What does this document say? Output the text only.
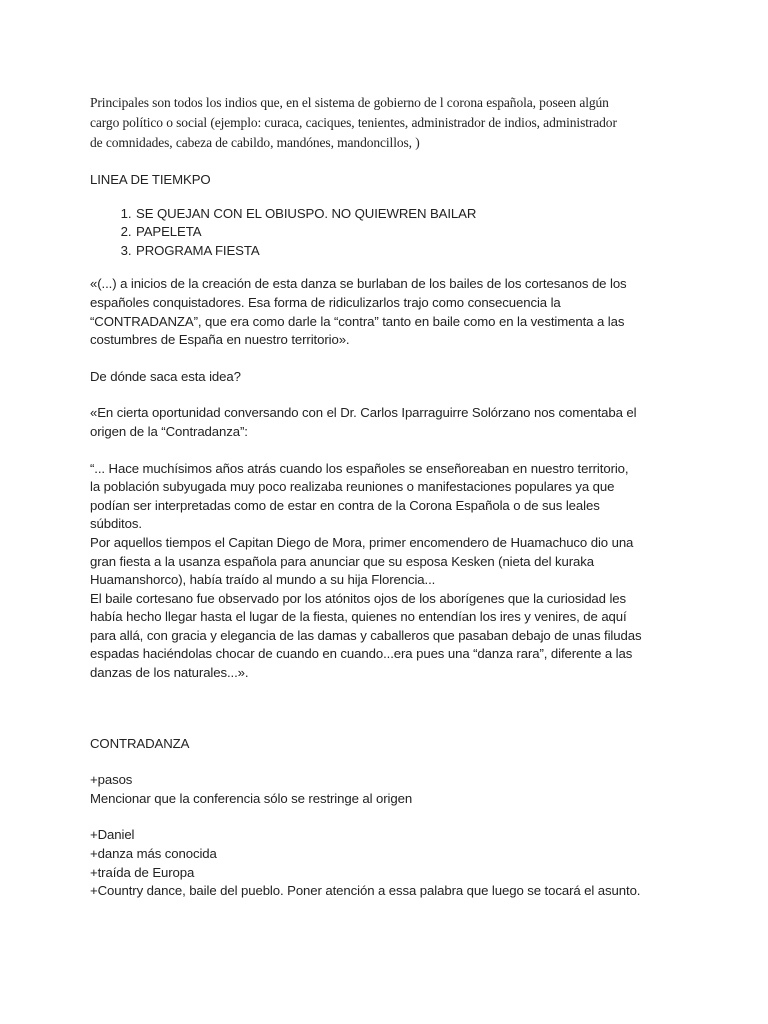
Principales son todos los indios que, en el sistema de gobierno de l corona española, poseen algún
cargo político o social (ejemplo: curaca, caciques, tenientes, administrador de indios, administrador
de comnidades, cabeza de cabildo, mandónes, mandoncillos, )

LINEA DE TIEMKPO

1. SE QUEJAN CON EL OBIUSPO. NO QUIEWREN BAILAR
2. PAPELETA
3. PROGRAMA FIESTA

«(...) a inicios de la creación de esta danza se burlaban de los bailes de los cortesanos de los
españoles conquistadores. Esa forma de ridiculizarlos trajo como consecuencia la
“CONTRADANZA”, que era como darle la “contra” tanto en baile como en la vestimenta a las
costumbres de España en nuestro territorio».

De dónde saca esta idea?

«En cierta oportunidad conversando con el Dr. Carlos Iparraguirre Solórzano nos comentaba el
origen de la “Contradanza”:

“... Hace muchísimos años atrás cuando los españoles se enseñoreaban en nuestro territorio,
la población subyugada muy poco realizaba reuniones o manifestaciones populares ya que
podían ser interpretadas como de estar en contra de la Corona Española o de sus leales
súbditos.
Por aquellos tiempos el Capitan Diego de Mora, primer encomendero de Huamachuco dio una
gran fiesta a la usanza española para anunciar que su esposa Kesken (nieta del kuraka
Huamanshorco), había traído al mundo a su hija Florencia...
El baile cortesano fue observado por los atónitos ojos de los aborígenes que la curiosidad les
había hecho llegar hasta el lugar de la fiesta, quienes no entendían los ires y venires, de aquí
para allá, con gracia y elegancia de las damas y caballeros que pasaban debajo de unas filudas
espadas haciéndolas chocar de cuando en cuando...era pues una “danza rara”, diferente a las
danzas de los naturales...».

CONTRADANZA

+pasos
Mencionar que la conferencia sólo se restringe al origen

+Daniel
+danza más conocida
+traída de Europa
+Country dance, baile del pueblo. Poner atención a essa palabra que luego se tocará el asunto.
